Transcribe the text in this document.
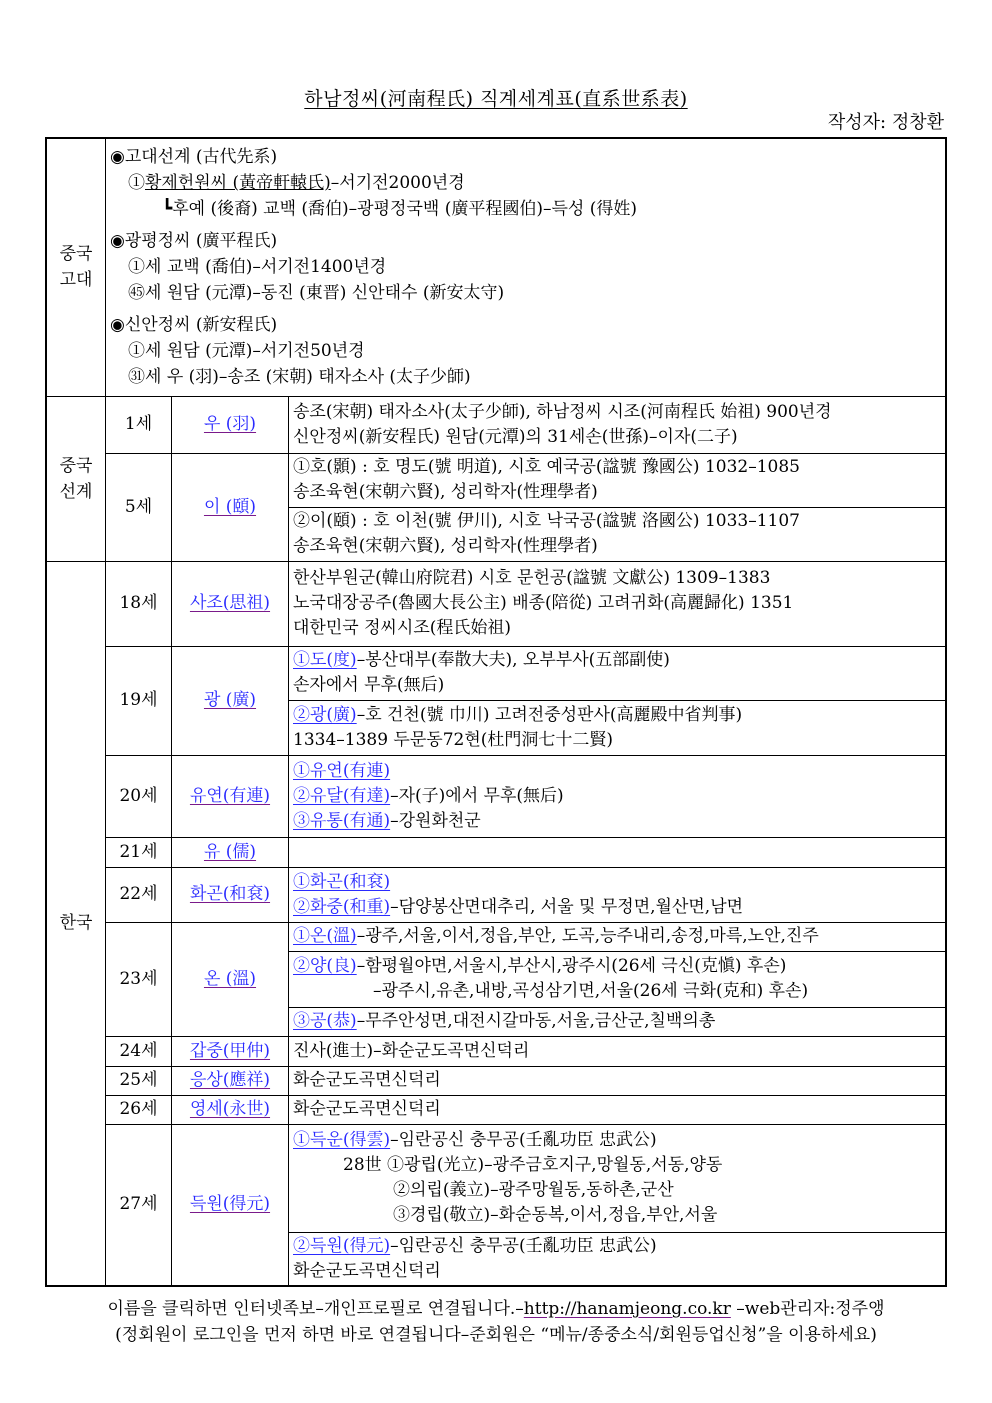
하남정씨(河南程氏) 직계세계표(直系世系表)
작성자: 정창환
중국
고대

◉고대선계 (古代先系)
①황제헌원씨 (黃帝軒轅氏)–서기전2000년경
┗후예 (後裔) 교백 (喬伯)–광평정국백 (廣平程國伯)–득성 (得姓)
◉광평정씨 (廣平程氏)
①세 교백 (喬伯)–서기전1400년경
㊺세 원담 (元潭)–동진 (東晋) 신안태수 (新安太守)
◉신안정씨 (新安程氏)
①세 원담 (元潭)–서기전50년경
㉛세 우 (羽)–송조 (宋朝) 태자소사 (太子少師)

중국
선계
	1세	우 (羽)	
송조(宋朝) 태자소사(太子少師), 하남정씨 시조(河南程氏 始祖) 900년경
신안정씨(新安程氏) 원담(元潭)의 31세손(世孫)–이자(二子)

	5세	이 (頤)	①호(顥) : 호 명도(號 明道), 시호 예국공(諡號 豫國公) 1032–1085
송조육현(宋朝六賢), 성리학자(性理學者)

			②이(頤) : 호 이천(號 伊川), 시호 낙국공(諡號 洛國公) 1033–1107
송조육현(宋朝六賢), 성리학자(性理學者)

한국	18세	사조(思祖)	한산부원군(韓山府院君) 시호 문헌공(諡號 文獻公) 1309–1383
노국대장공주(魯國大長公主) 배종(陪從) 고려귀화(高麗歸化) 1351
대한민국 정씨시조(程氏始祖)

	19세	광 (廣)	①도(度)–봉산대부(奉散大夫), 오부부사(五部副使)
손자에서 무후(無后)

			②광(廣)–호 건천(號 巾川) 고려전중성판사(高麗殿中省判事)
1334–1389 두문동72현(杜門洞七十二賢)

	20세	유연(有連)	①유연(有連)
②유달(有達)–자(子)에서 무후(無后)
③유통(有通)–강원화천군

	21세	유 (儒)	

	22세	화곤(和袞)	①화곤(和袞)
②화중(和重)–담양봉산면대추리, 서울 및 무정면,월산면,남면

	23세	온 (溫)	①온(溫)–광주,서울,이서,정읍,부안, 도곡,능주내리,송정,마륵,노안,진주

			②양(良)–함평월야면,서울시,부산시,광주시(26세 극신(克愼) 후손)
–광주시,유촌,내방,곡성삼기면,서울(26세 극화(克和) 후손)

			③공(恭)–무주안성면,대전시갈마동,서울,금산군,칠백의총

	24세	갑중(甲仲)	진사(進士)–화순군도곡면신덕리

	25세	응상(應祥)	화순군도곡면신덕리

	26세	영세(永世)	화순군도곡면신덕리

	27세	득원(得元)	①득운(得雲)–임란공신 충무공(壬亂功臣 忠武公)
28世 ①광립(光立)–광주금호지구,망월동,서동,양동
②의립(義立)–광주망월동,동하촌,군산
③경립(敬立)–화순동복,이서,정읍,부안,서울

			②득원(得元)–임란공신 충무공(壬亂功臣 忠武公)
화순군도곡면신덕리
이름을 클릭하면 인터넷족보–개인프로필로 연결됩니다.–http://hanamjeong.co.kr –web관리자:정주앵
(정회원이 로그인을 먼저 하면 바로 연결됩니다–준회원은 “메뉴/종중소식/회원등업신청”을 이용하세요)
